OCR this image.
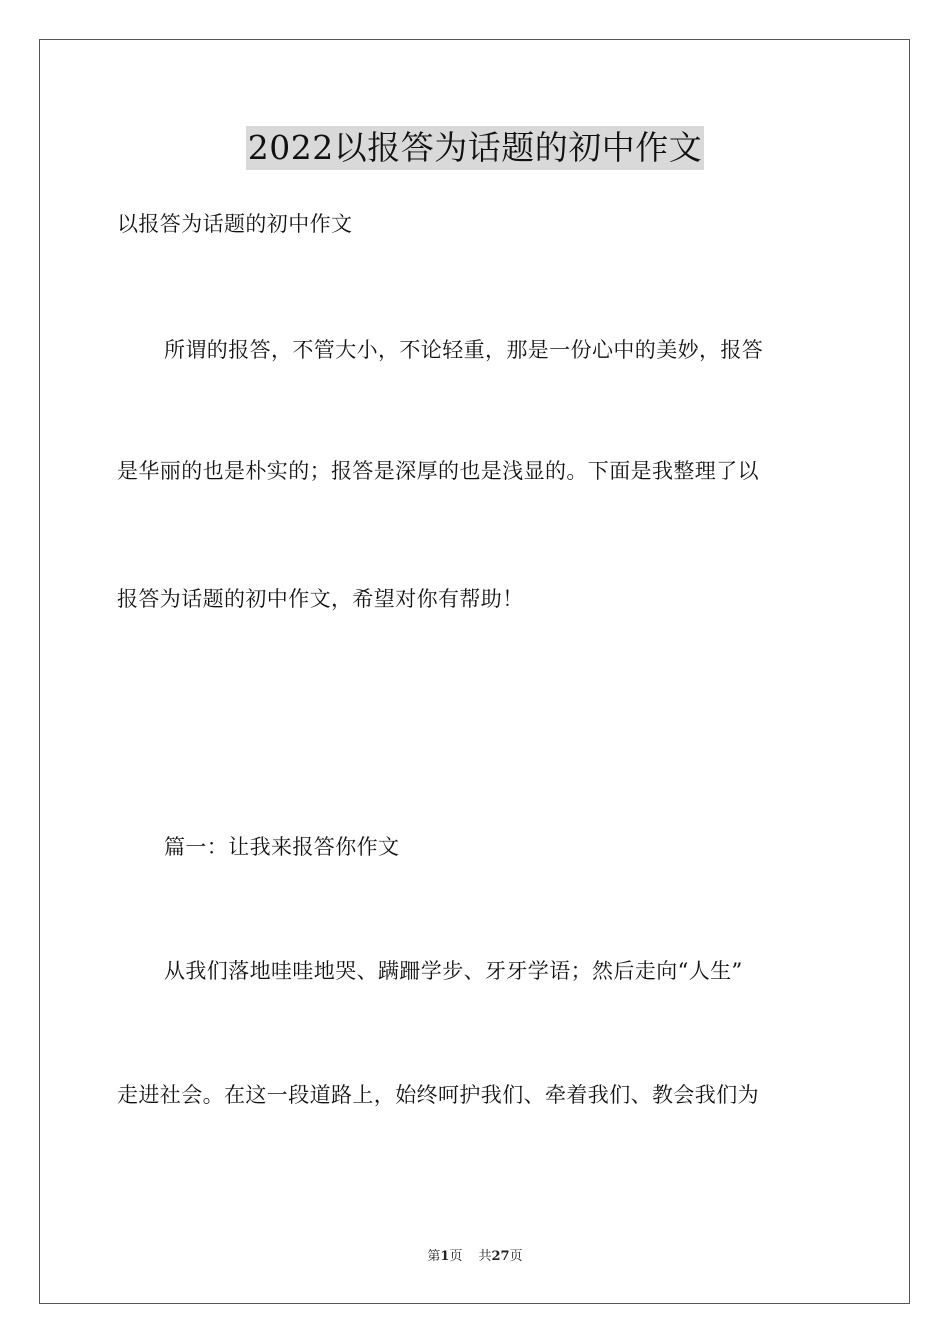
2022以报答为话题的初中作文

以报答为话题的初中作文

所谓的报答，不管大小，不论轻重，那是一份心中的美妙，报答

是华丽的也是朴实的；报答是深厚的也是浅显的。下面是我整理了以

报答为话题的初中作文，希望对你有帮助！

篇一：让我来报答你作文

从我们落地哇哇地哭、蹒跚学步、牙牙学语；然后走向“人生”

走进社会。在这一段道路上，始终呵护我们、牵着我们、教会我们为

第1页 共27页
